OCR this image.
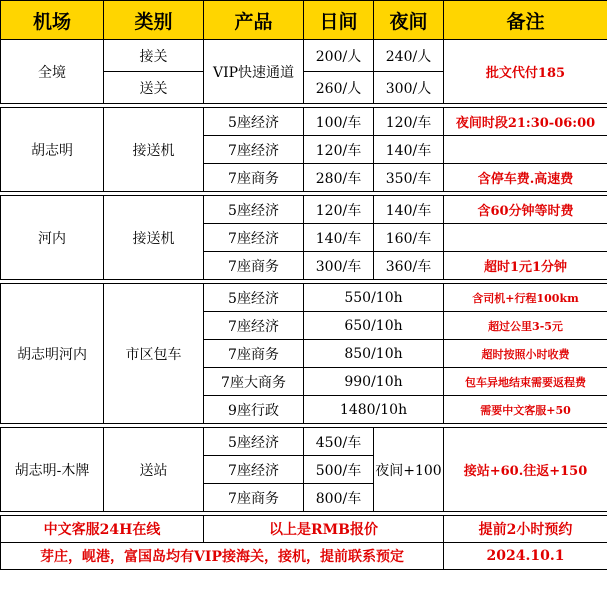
机场	类别	产品	日间	夜间	备注
全境	接关	VIP快速通道	200/人	240/人	批文代付185
	送关		260/人	300/人	

胡志明	接送机	5座经济	100/车	120/车	夜间时段21:30-06:00
		7座经济	120/车	140/车	
		7座商务	280/车	350/车	含停车费.高速费

河内	接送机	5座经济	120/车	140/车	含60分钟等时费
		7座经济	140/车	160/车	
		7座商务	300/车	360/车	超时1元1分钟

胡志明河内	市区包车	5座经济	550/10h		含司机+行程100km
		7座经济	650/10h		超过公里3-5元
		7座商务	850/10h		超时按照小时收费
		7座大商务	990/10h		包车异地结束需要返程费
		9座行政	1480/10h		需要中文客服+50

胡志明-木牌	送站	5座经济	450/车	夜间+100	接站+60.往返+150
		7座经济	500/车		
		7座商务	800/车		

中文客服24H在线		以上是RMB报价			提前2小时预约
芽庄，岘港，富国岛均有VIP接海关，接机，提前联系预定					2024.10.1
